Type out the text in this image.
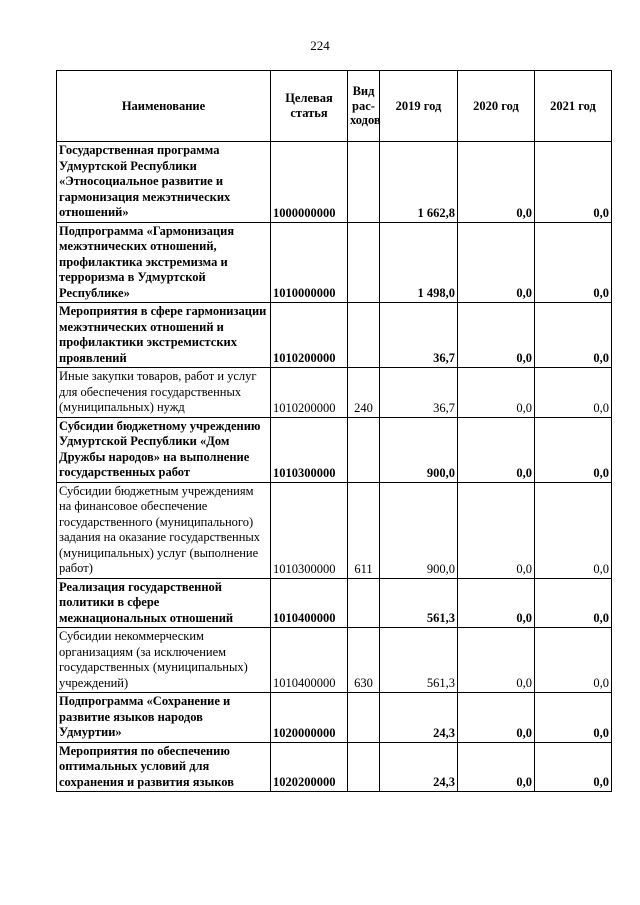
224
Наименование	Целевая статья	Вид рас-ходов	2019 год	2020 год	2021 год
Государственная программа Удмуртской Республики «Этносоциальное развитие и гармонизация межэтнических отношений»	1000000000		1 662,8	0,0	0,0
Подпрограмма «Гармонизация межэтнических отношений, профилактика экстремизма и терроризма в Удмуртской Республике»	1010000000		1 498,0	0,0	0,0
Мероприятия в сфере гармонизации межэтнических отношений и профилактики экстремистских проявлений	1010200000		36,7	0,0	0,0
Иные закупки товаров, работ и услуг для обеспечения государственных (муниципальных) нужд	1010200000	240	36,7	0,0	0,0
Субсидии бюджетному учреждению Удмуртской Республики «Дом Дружбы народов» на выполнение государственных работ	1010300000		900,0	0,0	0,0
Субсидии бюджетным учреждениям на финансовое обеспечение государственного (муниципального) задания на оказание государственных (муниципальных) услуг (выполнение работ)	1010300000	611	900,0	0,0	0,0
Реализация государственной политики в сфере межнациональных отношений	1010400000		561,3	0,0	0,0
Субсидии некоммерческим организациям (за исключением государственных (муниципальных) учреждений)	1010400000	630	561,3	0,0	0,0
Подпрограмма «Сохранение и развитие языков народов Удмуртии»	1020000000		24,3	0,0	0,0
Мероприятия по обеспечению оптимальных условий для сохранения и развития языков	1020200000		24,3	0,0	0,0
